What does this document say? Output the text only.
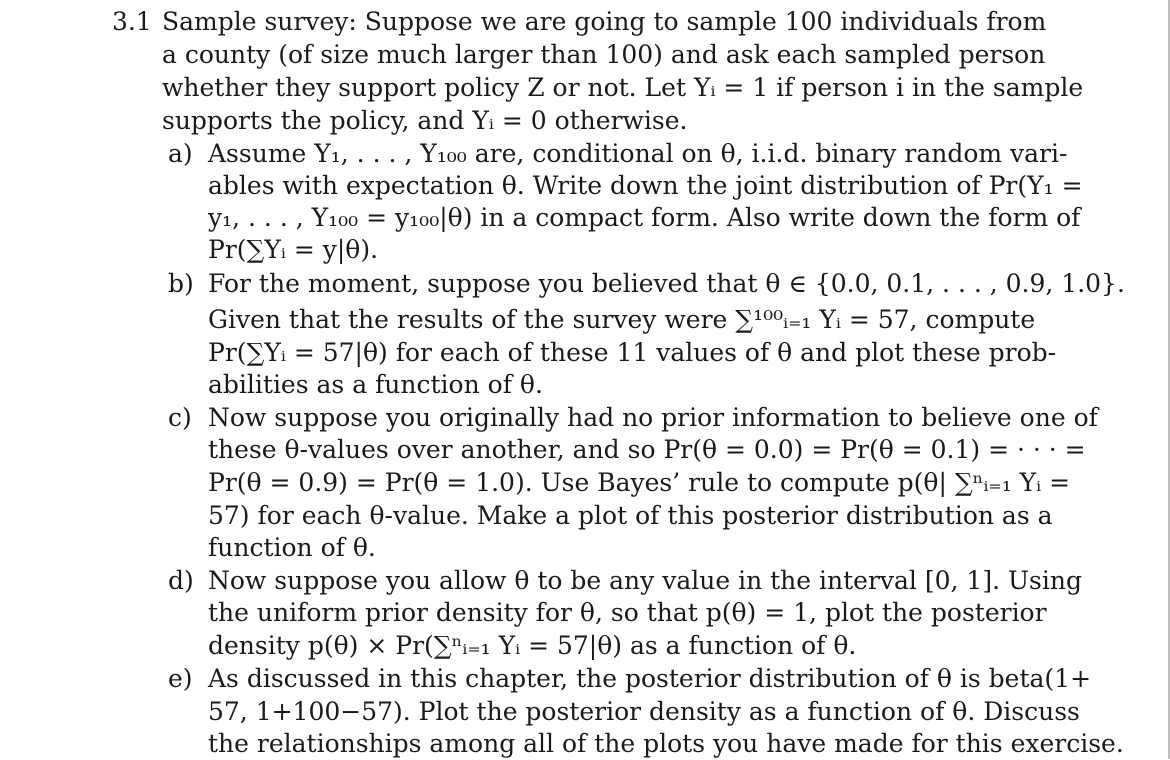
3.1 Sample survey: Suppose we are going to sample 100 individuals from
a county (of size much larger than 100) and ask each sampled person
whether they support policy Z or not. Let Yᵢ = 1 if person i in the sample
supports the policy, and Yᵢ = 0 otherwise.
a) Assume Y₁, . . . , Y₁₀₀ are, conditional on θ, i.i.d. binary random vari-
ables with expectation θ. Write down the joint distribution of Pr(Y₁ =
y₁, . . . , Y₁₀₀ = y₁₀₀|θ) in a compact form. Also write down the form of
Pr(∑Yᵢ = y|θ).
b) For the moment, suppose you believed that θ ∈ {0.0, 0.1, . . . , 0.9, 1.0}.
Given that the results of the survey were ∑¹⁰⁰ᵢ₌₁ Yᵢ = 57, compute
Pr(∑Yᵢ = 57|θ) for each of these 11 values of θ and plot these prob-
abilities as a function of θ.
c) Now suppose you originally had no prior information to believe one of
these θ-values over another, and so Pr(θ = 0.0) = Pr(θ = 0.1) = · · · =
Pr(θ = 0.9) = Pr(θ = 1.0). Use Bayes’ rule to compute p(θ| ∑ⁿᵢ₌₁ Yᵢ =
57) for each θ-value. Make a plot of this posterior distribution as a
function of θ.
d) Now suppose you allow θ to be any value in the interval [0, 1]. Using
the uniform prior density for θ, so that p(θ) = 1, plot the posterior
density p(θ) × Pr(∑ⁿᵢ₌₁ Yᵢ = 57|θ) as a function of θ.
e) As discussed in this chapter, the posterior distribution of θ is beta(1+
57, 1+100−57). Plot the posterior density as a function of θ. Discuss
the relationships among all of the plots you have made for this exercise.
